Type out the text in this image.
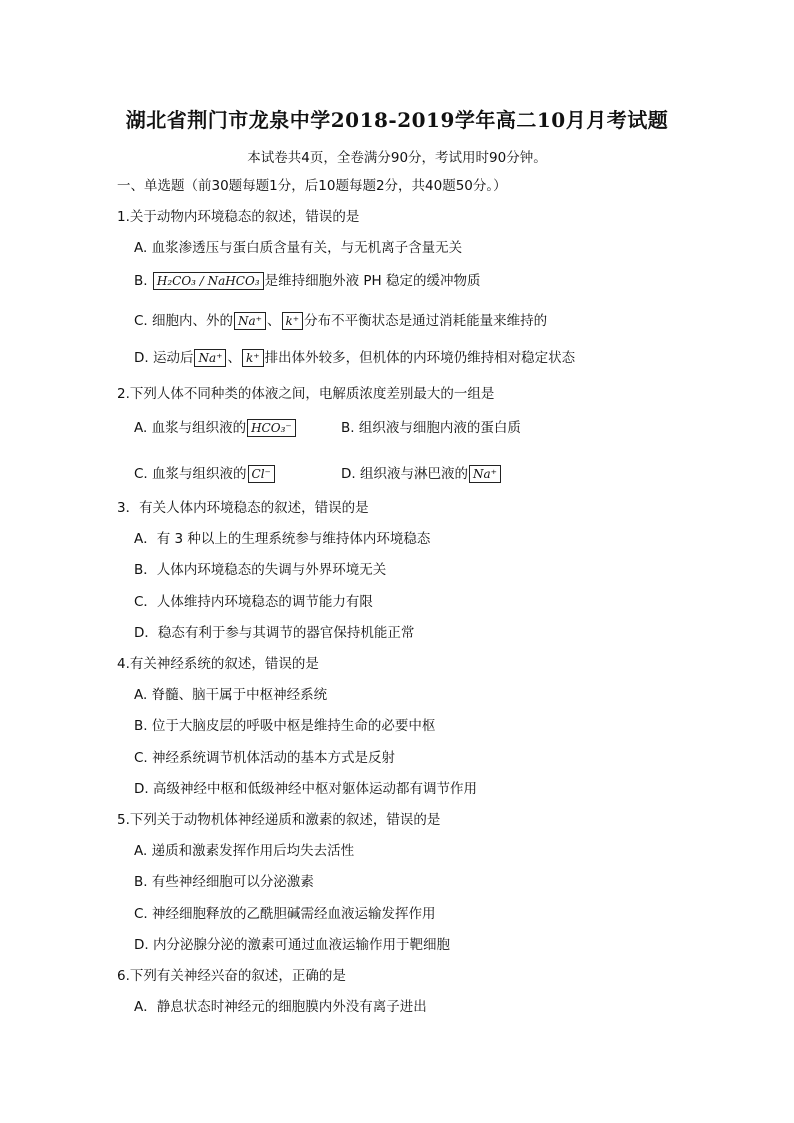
湖北省荆门市龙泉中学2018-2019学年高二10月月考试题
本试卷共4页，全卷满分90分，考试用时90分钟。
一、单选题（前30题每题1分，后10题每题2分，共40题50分。）
1.关于动物内环境稳态的叙述，错误的是
A. 血浆渗透压与蛋白质含量有关，与无机离子含量无关
B. H₂CO₃ / NaHCO₃ 是维持细胞外液 PH 稳定的缓冲物质
C. 细胞内、外的 Na⁺ 、 k⁺ 分布不平衡状态是通过消耗能量来维持的
D. 运动后 Na⁺ 、 k⁺ 排出体外较多，但机体的内环境仍维持相对稳定状态
2.下列人体不同种类的体液之间，电解质浓度差别最大的一组是
A. 血浆与组织液的 HCO₃⁻	B. 组织液与细胞内液的蛋白质
C. 血浆与组织液的 Cl⁻	D. 组织液与淋巴液的 Na⁺
3．有关人体内环境稳态的叙述，错误的是
A．有 3 种以上的生理系统参与维持体内环境稳态
B．人体内环境稳态的失调与外界环境无关
C．人体维持内环境稳态的调节能力有限
D．稳态有利于参与其调节的器官保持机能正常
4.有关神经系统的叙述，错误的是
A. 脊髓、脑干属于中枢神经系统
B. 位于大脑皮层的呼吸中枢是维持生命的必要中枢
C. 神经系统调节机体活动的基本方式是反射
D. 高级神经中枢和低级神经中枢对躯体运动都有调节作用
5.下列关于动物机体神经递质和激素的叙述，错误的是
A. 递质和激素发挥作用后均失去活性
B. 有些神经细胞可以分泌激素
C. 神经细胞释放的乙酰胆碱需经血液运输发挥作用
D. 内分泌腺分泌的激素可通过血液运输作用于靶细胞
6.下列有关神经兴奋的叙述，正确的是
A．静息状态时神经元的细胞膜内外没有离子进出
